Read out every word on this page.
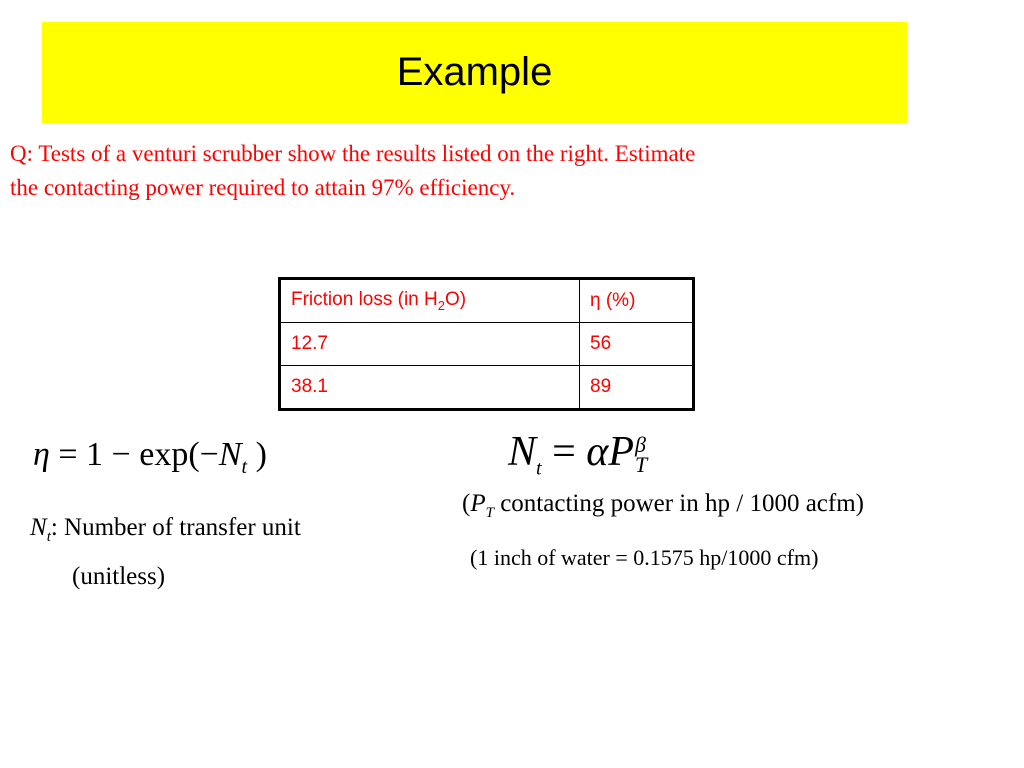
Example
Q: Tests of a venturi scrubber show the results listed on the right. Estimate
the contacting power required to attain 97% efficiency.
Friction loss (in $H_2O$)	η (%)
12.7	56
38.1	89
$\eta = 1 - \exp(-N_t$ )	$N_t = \alpha P$ β
T
$N_t$: Number of transfer unit
(unitless)
($P_T$ contacting power in hp / 1000 acfm)
(1 inch of water = 0.1575 hp/1000 cfm)
